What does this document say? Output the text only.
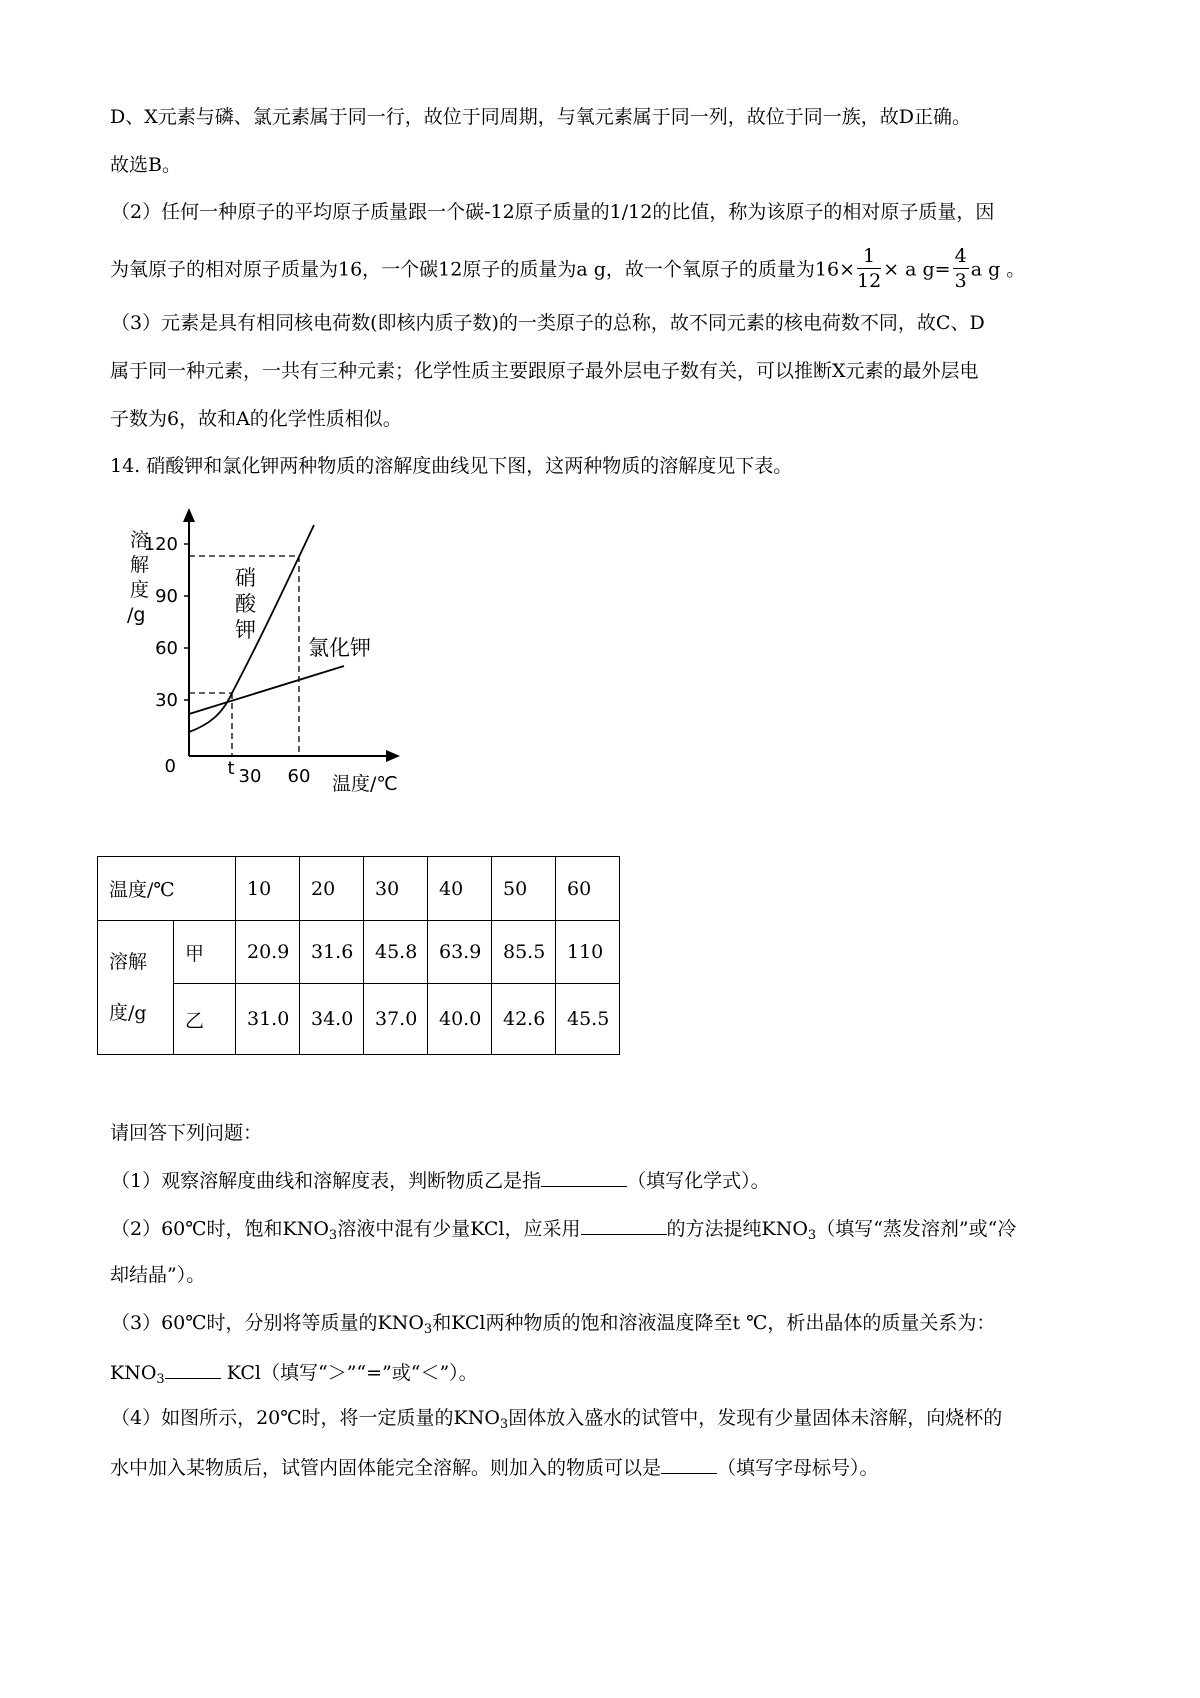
D、X元素与磷、氯元素属于同一行，故位于同周期，与氧元素属于同一列，故位于同一族，故D正确。
故选B。
（2）任何一种原子的平均原子质量跟一个碳-12原子质量的1/12的比值，称为该原子的相对原子质量，因
为氧原子的相对原子质量为16，一个碳12原子的质量为a g，故一个氧原子的质量为$16\times \frac{1}{12} \times a$ $g= \frac{4}{3}$ a g 。
（3）元素是具有相同核电荷数(即核内质子数)的一类原子的总称，故不同元素的核电荷数不同，故C、D
属于同一种元素，一共有三种元素；化学性质主要跟原子最外层电子数有关，可以推断X元素的最外层电
子数为6，故和A的化学性质相似。
14. 硝酸钾和氯化钾两种物质的溶解度曲线见下图，这两种物质的溶解度见下表。
溶
解
度
/g
120
90
60
30
0	t 30 60 温度/℃
硝
酸
钾
氯化钾
温度/℃		10	20	30	40	50	60

溶解
度/g	甲	20.9	31.6	45.8	63.9	85.5	110
	乙	31.0	34.0	37.0	40.0	42.6	45.5
请回答下列问题：
（1）观察溶解度曲线和溶解度表，判断物质乙是指	（填写化学式）。
（2）60℃时，饱和$KNO_3$溶液中混有少量KCl，应采用	的方法提纯$KNO_3$（填写“蒸发溶剂”或“冷
却结晶”）。
（3）60℃时，分别将等质量的$KNO_3$和KCl两种物质的饱和溶液温度降至t ℃，析出晶体的质量关系为：
$KNO_3$	KCl（填写“＞”“=”或“＜”）。
（4）如图所示，20℃时，将一定质量的$KNO_3$固体放入盛水的试管中，发现有少量固体未溶解，向烧杯的
水中加入某物质后，试管内固体能完全溶解。则加入的物质可以是	（填写字母标号）。
